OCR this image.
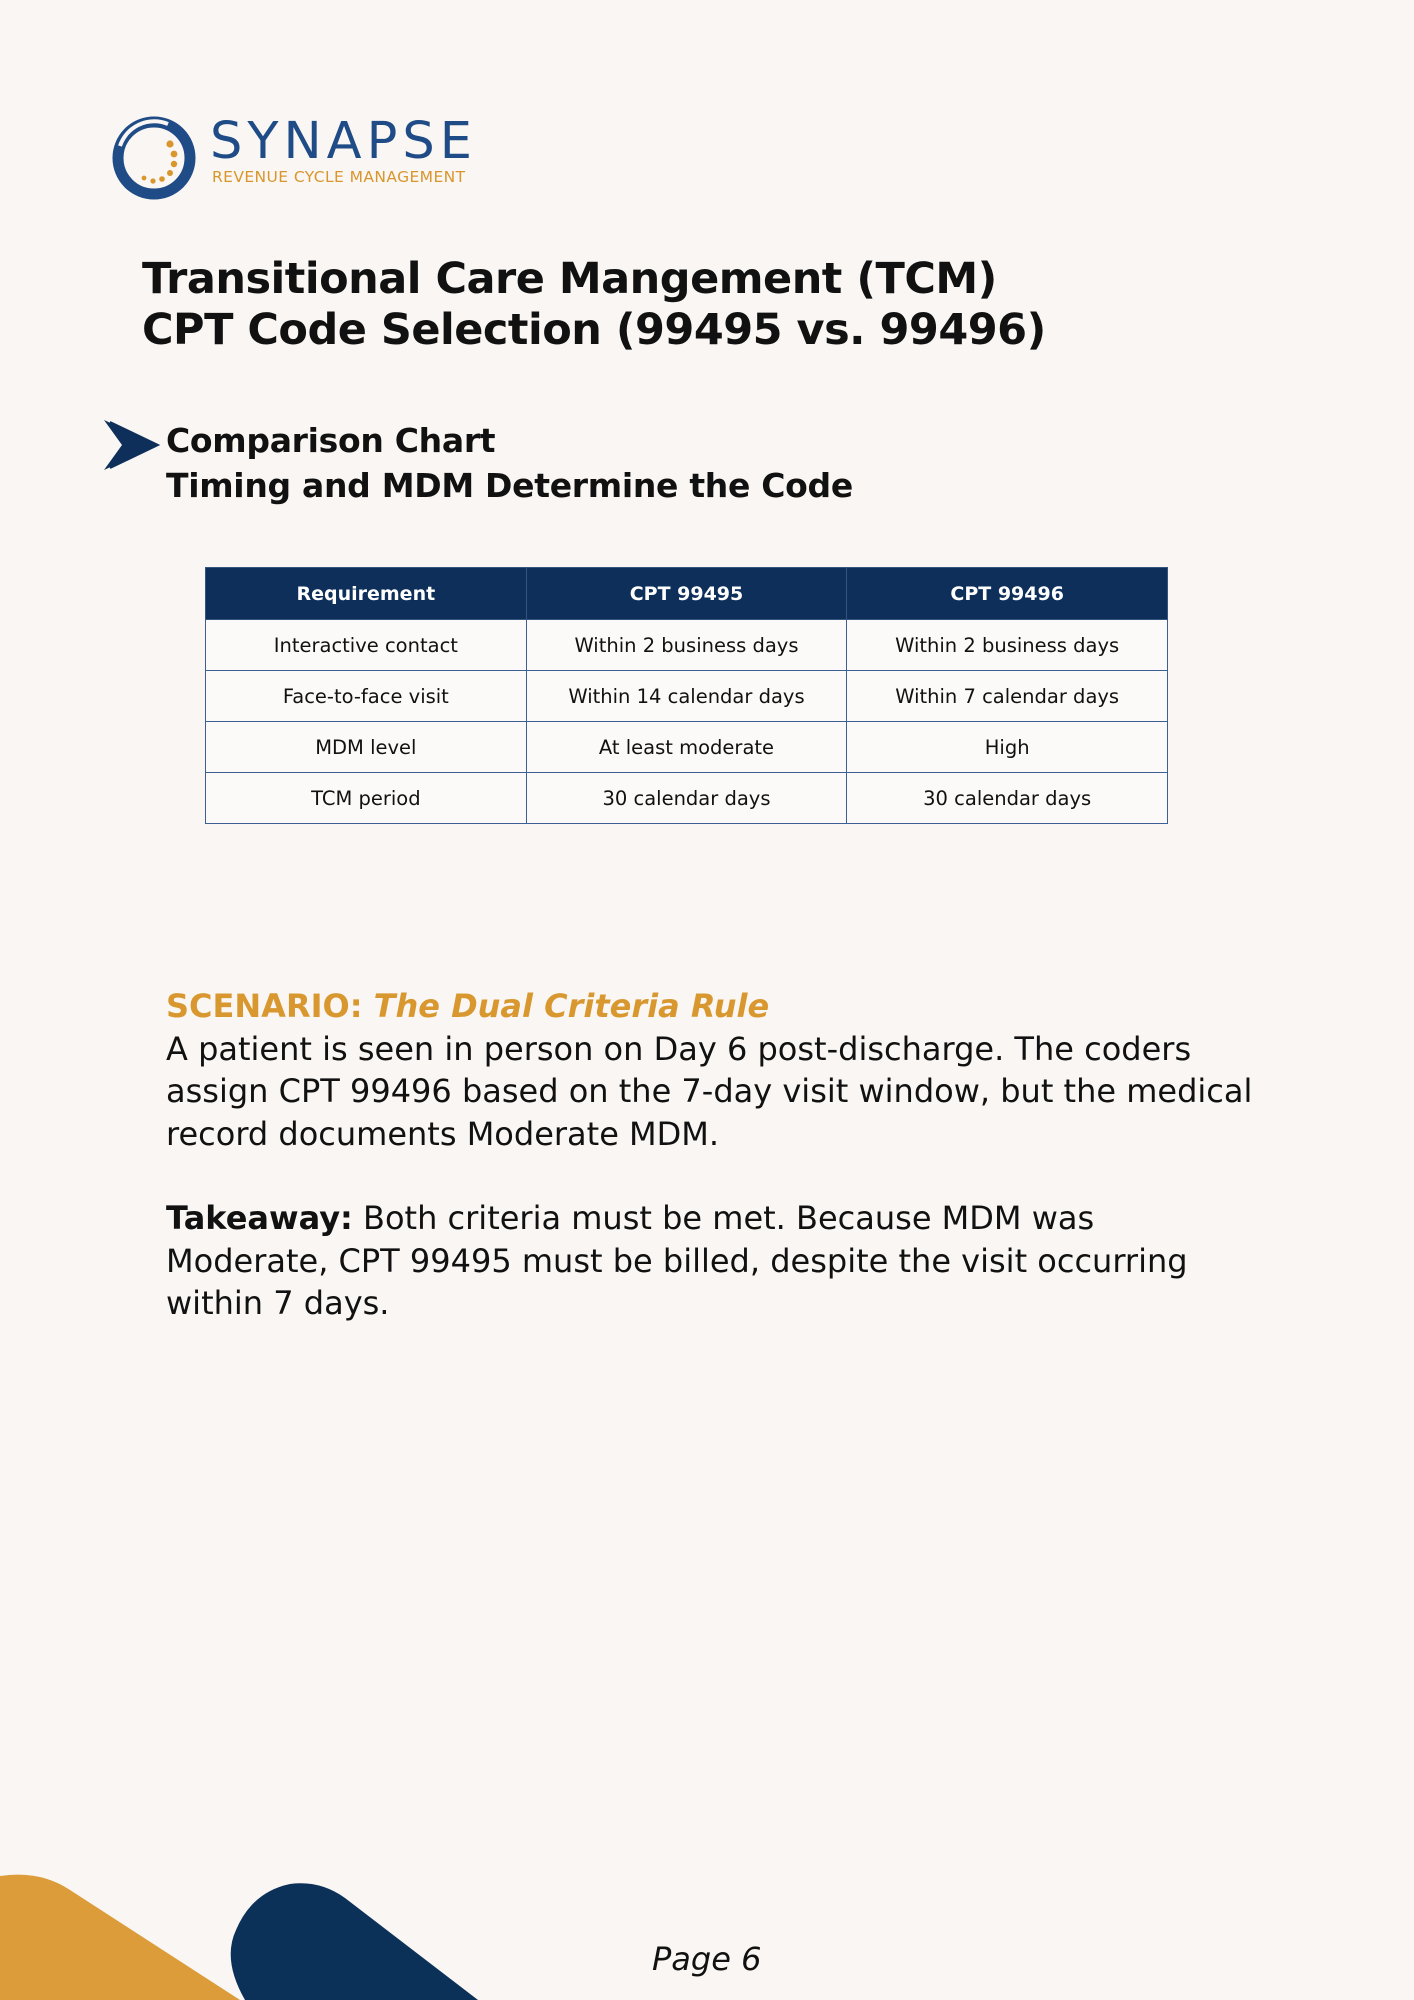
SYNAPSE
REVENUE CYCLE MANAGEMENT
Transitional Care Mangement (TCM)
CPT Code Selection (99495 vs. 99496)
Comparison Chart
Timing and MDM Determine the Code
Requirement	CPT 99495	CPT 99496
Interactive contact	Within 2 business days	Within 2 business days
Face-to-face visit	Within 14 calendar days	Within 7 calendar days
MDM level	At least moderate	High
TCM period	30 calendar days	30 calendar days
SCENARIO: The Dual Criteria Rule

A patient is seen in person on Day 6 post-discharge. The coders assign CPT 99496 based on the 7-day visit window, but the medical record documents Moderate MDM.

Takeaway: Both criteria must be met. Because MDM was Moderate, CPT 99495 must be billed, despite the visit occurring within 7 days.

Page 6
